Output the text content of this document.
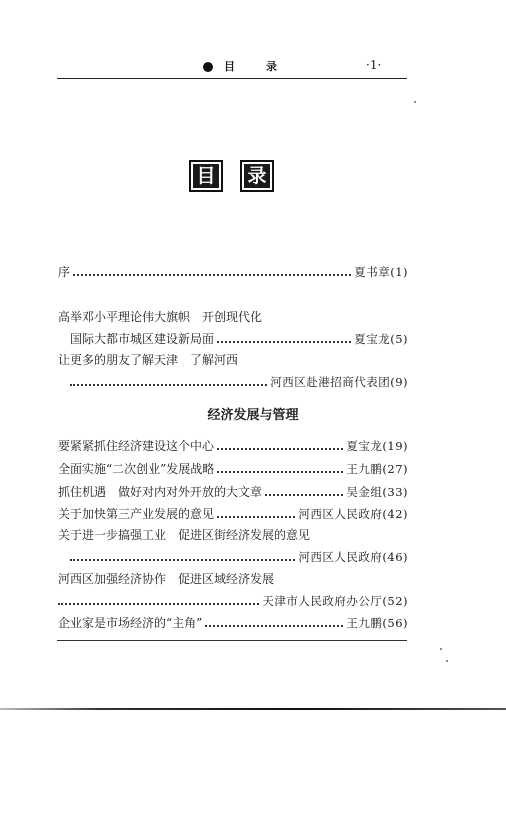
目　录	·1·
目 录
序	夏书章(1)
高举邓小平理论伟大旗帜　开创现代化
国际大都市城区建设新局面	夏宝龙(5)
让更多的朋友了解天津　了解河西
河西区赴港招商代表团(9)
经济发展与管理
要紧紧抓住经济建设这个中心	夏宝龙(19)
全面实施“二次创业”发展战略	王九鹏(27)
抓住机遇　做好对内对外开放的大文章	吴金组(33)
关于加快第三产业发展的意见	河西区人民政府(42)
关于进一步搞强工业　促进区街经济发展的意见
河西区人民政府(46)
河西区加强经济协作　促进区域经济发展
天津市人民政府办公厅(52)
企业家是市场经济的“主角”	王九鹏(56)
